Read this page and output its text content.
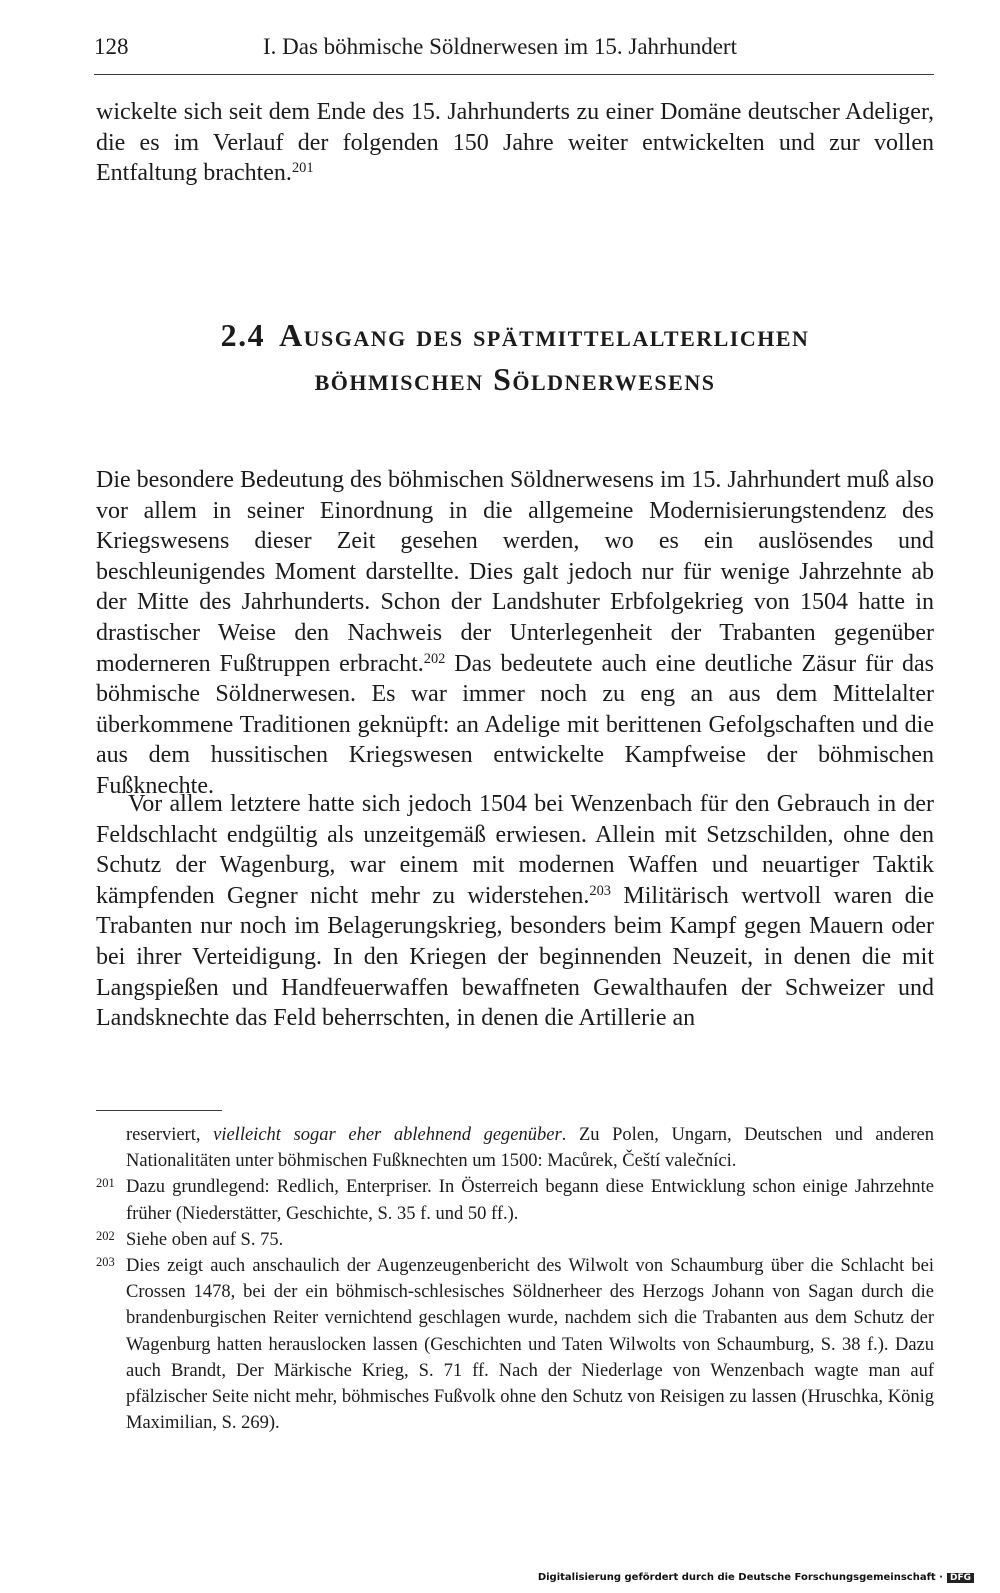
128	I. Das böhmische Söldnerwesen im 15. Jahrhundert

wickelte sich seit dem Ende des 15. Jahrhunderts zu einer Domäne deutscher Adeliger, die es im Verlauf der folgenden 150 Jahre weiter entwickelten und zur vollen Entfaltung brachten.$^{201}$

2.4 Ausgang des spätmittelalterlichen
böhmischen Söldnerwesens

Die besondere Bedeutung des böhmischen Söldnerwesens im 15. Jahrhundert muß also vor allem in seiner Einordnung in die allgemeine Modernisierungstendenz des Kriegswesens dieser Zeit gesehen werden, wo es ein auslösendes und beschleunigendes Moment darstellte. Dies galt jedoch nur für wenige Jahrzehnte ab der Mitte des Jahrhunderts. Schon der Landshuter Erbfolgekrieg von 1504 hatte in drastischer Weise den Nachweis der Unterlegenheit der Trabanten gegenüber moderneren Fußtruppen erbracht.$^{202}$ Das bedeutete auch eine deutliche Zäsur für das böhmische Söldnerwesen. Es war immer noch zu eng an aus dem Mittelalter überkommene Traditionen geknüpft: an Adelige mit berittenen Gefolgschaften und die aus dem hussitischen Kriegswesen entwickelte Kampfweise der böhmischen Fußknechte.

Vor allem letztere hatte sich jedoch 1504 bei Wenzenbach für den Gebrauch in der Feldschlacht endgültig als unzeitgemäß erwiesen. Allein mit Setzschilden, ohne den Schutz der Wagenburg, war einem mit modernen Waffen und neuartiger Taktik kämpfenden Gegner nicht mehr zu widerstehen.$^{203}$ Militärisch wertvoll waren die Trabanten nur noch im Belagerungskrieg, besonders beim Kampf gegen Mauern oder bei ihrer Verteidigung. In den Kriegen der beginnenden Neuzeit, in denen die mit Langspießen und Handfeuerwaffen bewaffneten Gewalthaufen der Schweizer und Landsknechte das Feld beherrschten, in denen die Artillerie an

reserviert, vielleicht sogar eher ablehnend gegenüber. Zu Polen, Ungarn, Deutschen und anderen Nationalitäten unter böhmischen Fußknechten um 1500: Macůrek, Čeští valečníci.
201 Dazu grundlegend: Redlich, Enterpriser. In Österreich begann diese Entwicklung schon einige Jahrzehnte früher (Niederstätter, Geschichte, S. 35 f. und 50 ff.).
202 Siehe oben auf S. 75.
203 Dies zeigt auch anschaulich der Augenzeugenbericht des Wilwolt von Schaumburg über die Schlacht bei Crossen 1478, bei der ein böhmisch-schlesisches Söldnerheer des Herzogs Johann von Sagan durch die brandenburgischen Reiter vernichtend geschlagen wurde, nachdem sich die Trabanten aus dem Schutz der Wagenburg hatten herauslocken lassen (Geschichten und Taten Wilwolts von Schaumburg, S. 38 f.). Dazu auch Brandt, Der Märkische Krieg, S. 71 ff. Nach der Niederlage von Wenzenbach wagte man auf pfälzischer Seite nicht mehr, böhmisches Fußvolk ohne den Schutz von Reisigen zu lassen (Hruschka, König Maximilian, S. 269).
Digitalisierung gefördert durch die Deutsche Forschungsgemeinschaft · DFG
